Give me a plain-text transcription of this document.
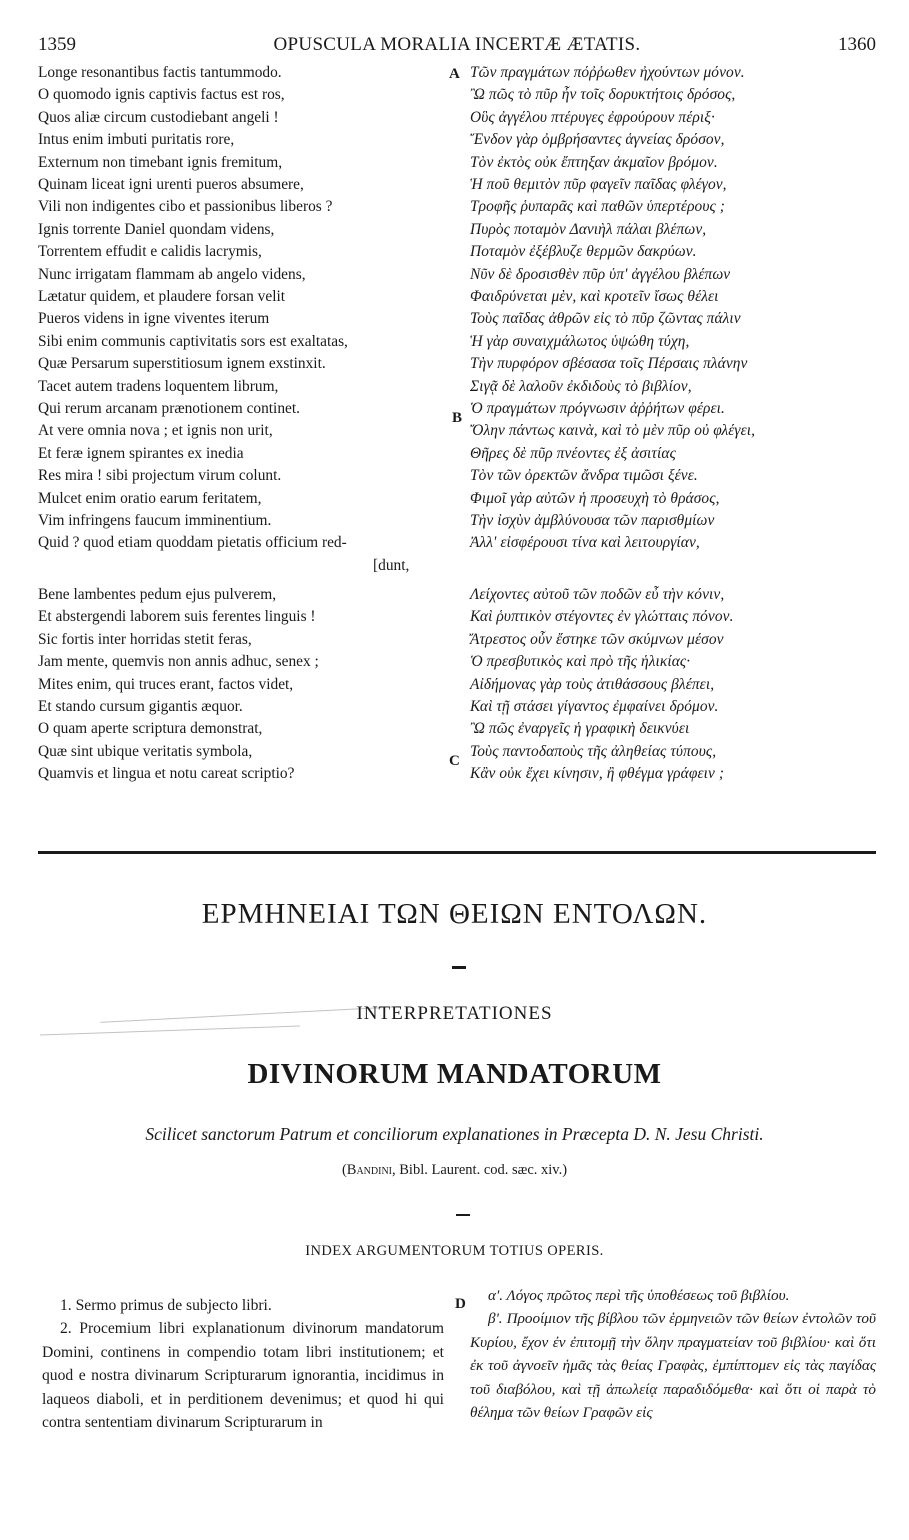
1359	OPUSCULA MORALIA INCERTÆ ÆTATIS.	1360
Longe resonantibus factis tantummodo.
O quomodo ignis captivis factus est ros,
Quos aliæ circum custodiebant angeli !
Intus enim imbuti puritatis rore,
Externum non timebant ignis fremitum,
Quinam liceat igni urenti pueros absumere,
Vili non indigentes cibo et passionibus liberos ?
Ignis torrente Daniel quondam videns,
Torrentem effudit e calidis lacrymis,
Nunc irrigatam flammam ab angelo videns,
Lætatur quidem, et plaudere forsan velit
Pueros videns in igne viventes iterum
Sibi enim communis captivitatis sors est exaltatas,
Quæ Persarum superstitiosum ignem exstinxit.
Tacet autem tradens loquentem librum,
Qui rerum arcanam prænotionem continet.
At vere omnia nova ; et ignis non urit,
Et feræ ignem spirantes ex inedia
Res mira ! sibi projectum virum colunt.
Mulcet enim oratio earum feritatem,
Vim infringens faucum imminentium.
Quid ? quod etiam quoddam pietatis officium red-
[dunt,
Bene lambentes pedum ejus pulverem,
Et abstergendi laborem suis ferentes linguis !
Sic fortis inter horridas stetit feras,
Jam mente, quemvis non annis adhuc, senex ;
Mites enim, qui truces erant, factos videt,
Et stando cursum gigantis æquor.
O quam aperte scriptura demonstrat,
Quæ sint ubique veritatis symbola,
Quamvis et lingua et notu careat scriptio?
A
B
C
D
Τῶν πραγμάτων πόῤῥωθεν ἠχούντων μόνον.
Ὢ πῶς τὸ πῦρ ἦν τοῖς δορυκτήτοις δρόσος,
Οὓς ἀγγέλου πτέρυγες ἐφρούρουν πέριξ·
Ἔνδον γὰρ ὀμβρήσαντες ἁγνείας δρόσον,
Τὸν ἐκτὸς οὐκ ἔπτηξαν ἀκμαῖον βρόμον.
Ἡ ποῦ θεμιτὸν πῦρ φαγεῖν παῖδας φλέγον,
Τροφῆς ῥυπαρᾶς καὶ παθῶν ὑπερτέρους ;
Πυρὸς ποταμὸν Δανιὴλ πάλαι βλέπων,
Ποταμὸν ἐξέβλυζε θερμῶν δακρύων.
Νῦν δὲ δροσισθὲν πῦρ ὑπ' ἀγγέλου βλέπων
Φαιδρύνεται μὲν, καὶ κροτεῖν ἴσως θέλει
Τοὺς παῖδας ἀθρῶν εἰς τὸ πῦρ ζῶντας πάλιν
Ἡ γὰρ συναιχμάλωτος ὑψώθη τύχη,
Τὴν πυρφόρον σβέσασα τοῖς Πέρσαις πλάνην
Σιγᾷ δὲ λαλοῦν ἐκδιδοὺς τὸ βιβλίον,
Ὁ πραγμάτων πρόγνωσιν ἀῤῥήτων φέρει.
Ὄλην πάντως καινὰ, καὶ τὸ μὲν πῦρ οὐ φλέγει,
Θῆρες δὲ πῦρ πνέοντες ἐξ ἀσιτίας
Τὸν τῶν ὀρεκτῶν ἄνδρα τιμῶσι ξένε.
Φιμοῖ γὰρ αὐτῶν ἡ προσευχὴ τὸ θράσος,
Τὴν ἰσχὺν ἀμβλύνουσα τῶν παρισθμίων
Ἀλλ' εἰσφέρουσι τίνα καὶ λειτουργίαν,
Λείχοντες αὐτοῦ τῶν ποδῶν εὖ τὴν κόνιν,
Καὶ ῥυπτικὸν στέγοντες ἐν γλώτταις πόνον.
Ἄτρεστος οὖν ἔστηκε τῶν σκύμνων μέσον
Ὁ πρεσβυτικὸς καὶ πρὸ τῆς ἡλικίας·
Αἰδήμονας γὰρ τοὺς ἀτιθάσσους βλέπει,
Καὶ τῇ στάσει γίγαντος ἐμφαίνει δρόμον.
Ὢ πῶς ἐναργεῖς ἡ γραφικὴ δεικνύει
Τοὺς παντοδαποὺς τῆς ἀληθείας τύπους,
Κἂν οὐκ ἔχει κίνησιν, ἢ φθέγμα γράφειν ;
ΕΡΜΗΝΕΙΑΙ ΤΩΝ ΘΕΙΩΝ ΕΝΤΟΛΩΝ.
INTERPRETATIONES
DIVINORUM MANDATORUM
Scilicet sanctorum Patrum et conciliorum explanationes in Præcepta D. N. Jesu Christi.
(Bandini, Bibl. Laurent. cod. sæc. xiv.)
INDEX ARGUMENTORUM TOTIUS OPERIS.

1. Sermo primus de subjecto libri.

2. Procemium libri explanationum divinorum mandatorum Domini, continens in compendio totam libri institutionem; et quod e nostra divinarum Scripturarum ignorantia, incidimus in laqueos diaboli, et in perditionem devenimus; et quod hi qui contra sententiam divinarum Scripturarum in

α'. Λόγος πρῶτος περὶ τῆς ὑποθέσεως τοῦ βιβλίου.

β'. Προοίμιον τῆς βίβλου τῶν ἑρμηνειῶν τῶν θείων ἐντολῶν τοῦ Κυρίου, ἔχον ἐν ἐπιτομῇ τὴν ὅλην πραγματείαν τοῦ βιβλίου· καὶ ὅτι ἐκ τοῦ ἀγνοεῖν ἡμᾶς τὰς θείας Γραφὰς, ἐμπίπτομεν εἰς τὰς παγίδας τοῦ διαβόλου, καὶ τῇ ἀπωλείᾳ παραδιδόμεθα· καὶ ὅτι οἱ παρὰ τὸ θέλημα τῶν θείων Γραφῶν εἰς
